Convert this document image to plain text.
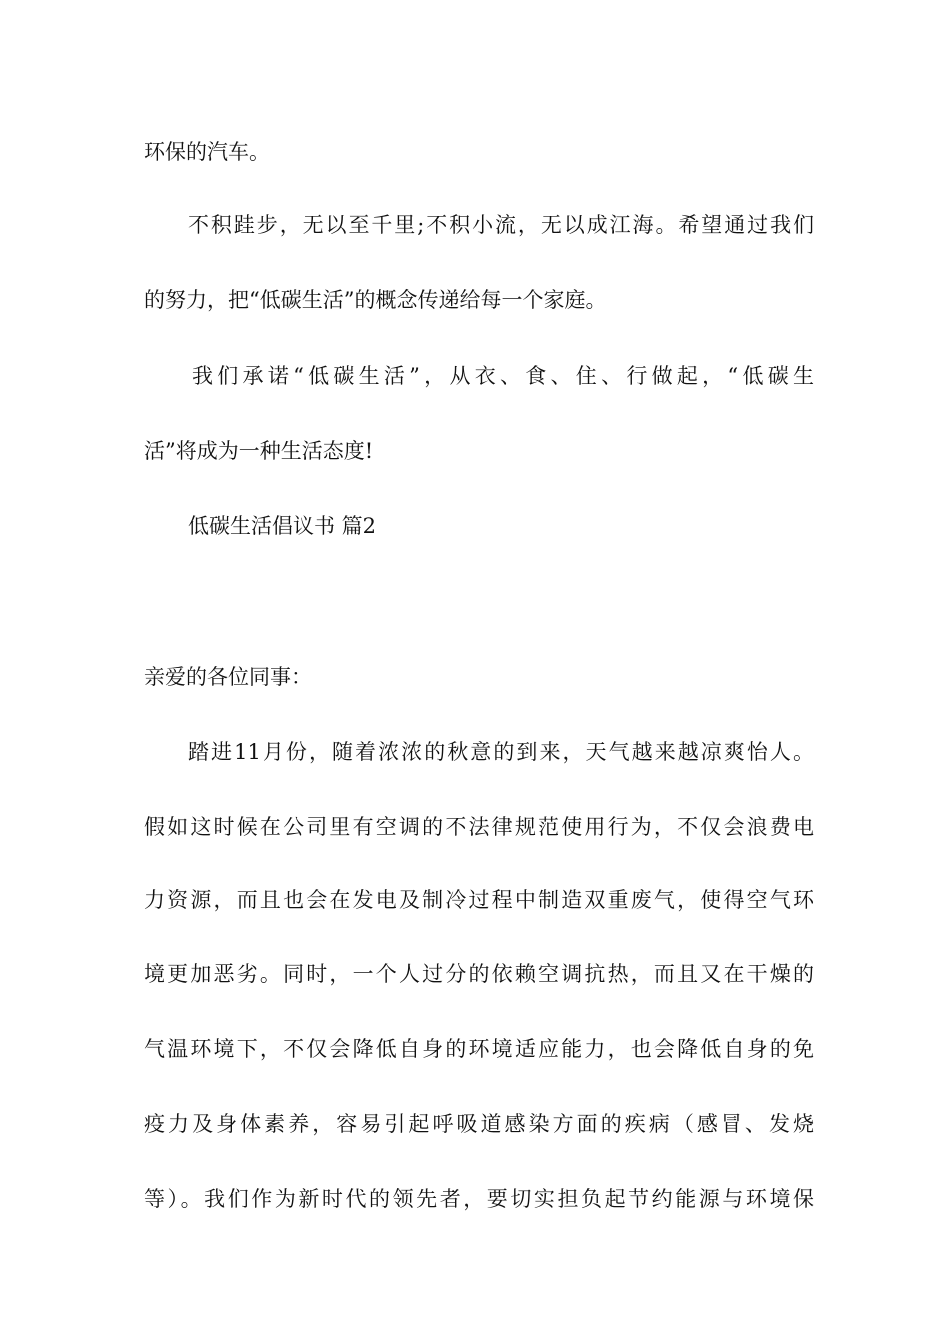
环保的汽车。
不积跬步，无以至千里;不积小流，无以成江海。希望通过我们
的努力，把“低碳生活”的概念传递给每一个家庭。
我们承诺“低碳生活”，从衣、食、住、行做起，“低碳生
活”将成为一种生活态度!
低碳生活倡议书 篇2
亲爱的各位同事：
踏进11月份，随着浓浓的秋意的到来，天气越来越凉爽怡人。
假如这时候在公司里有空调的不法律规范使用行为，不仅会浪费电
力资源，而且也会在发电及制冷过程中制造双重废气，使得空气环
境更加恶劣。同时，一个人过分的依赖空调抗热，而且又在干燥的
气温环境下，不仅会降低自身的环境适应能力，也会降低自身的免
疫力及身体素养，容易引起呼吸道感染方面的疾病（感冒、发烧
等）。我们作为新时代的领先者，要切实担负起节约能源与环境保
